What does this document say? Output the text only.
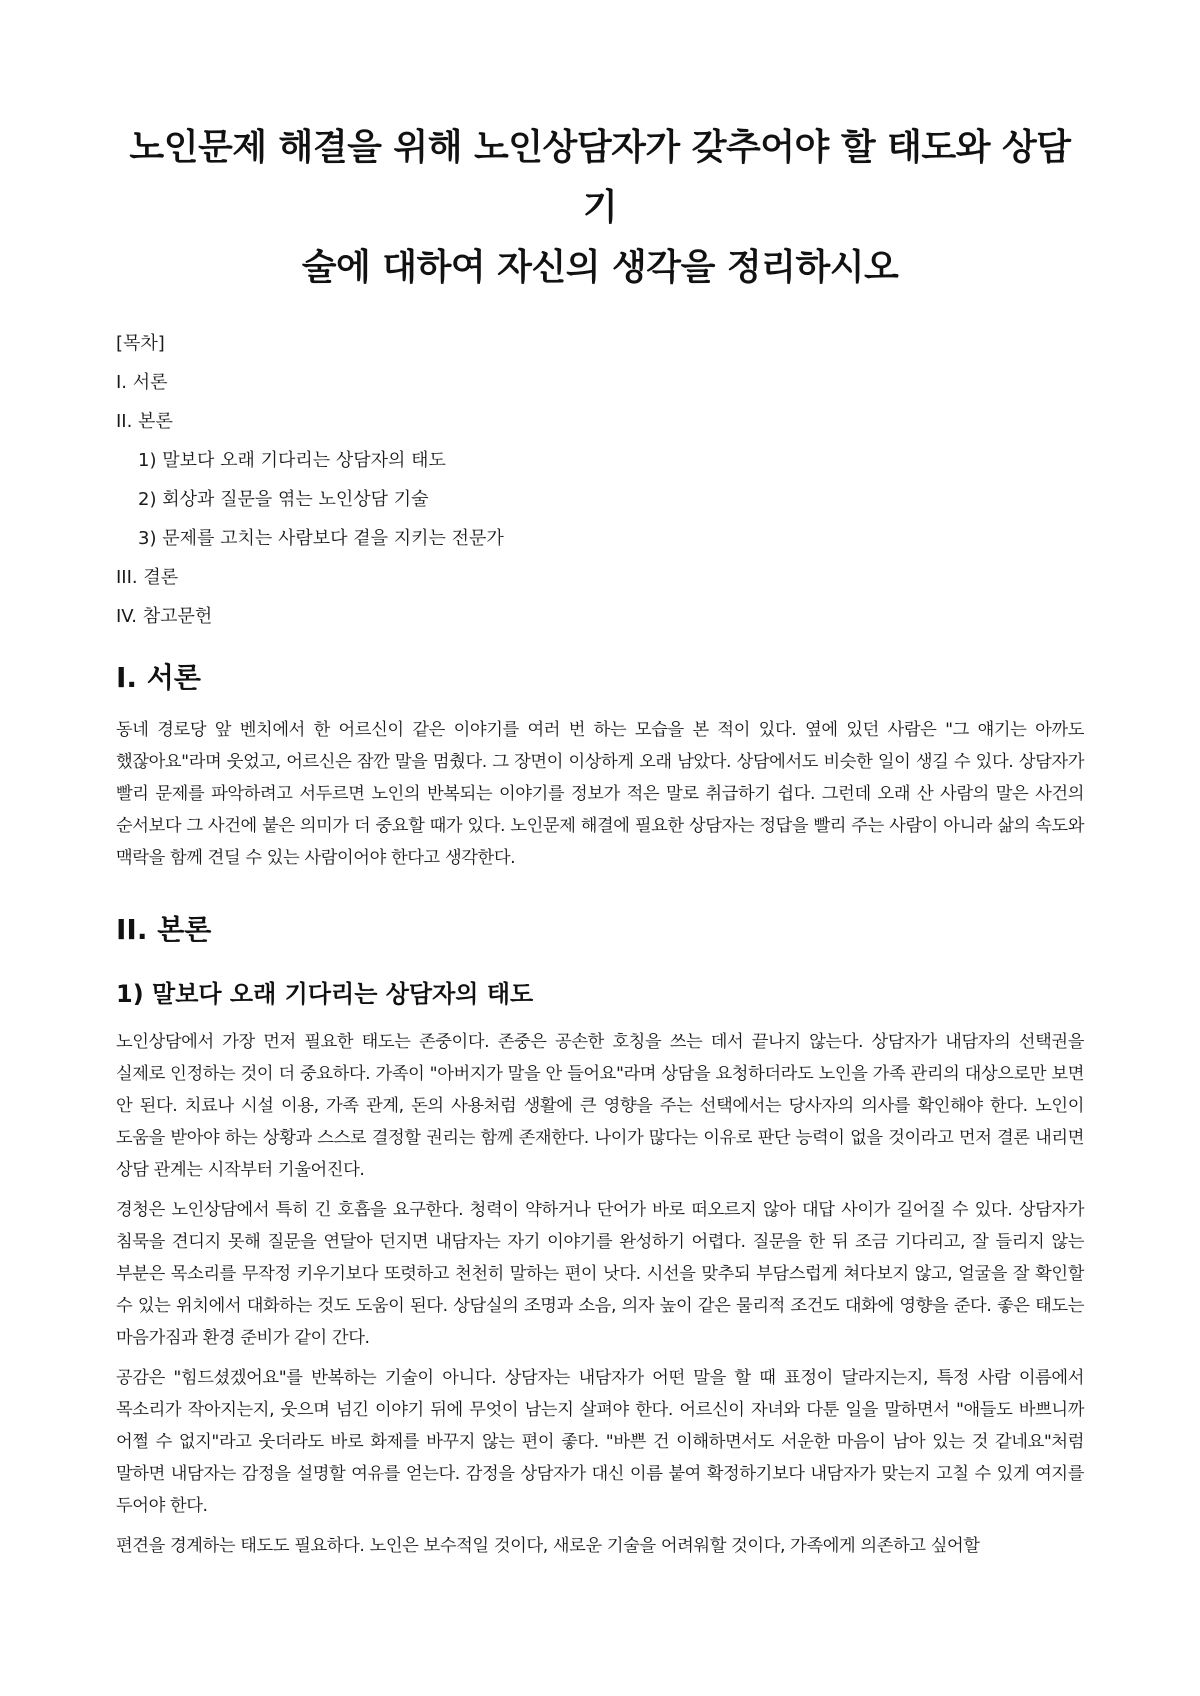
노인문제 해결을 위해 노인상담자가 갖추어야 할 태도와 상담기
술에 대하여 자신의 생각을 정리하시오
[목차]
I. 서론
II. 본론
1) 말보다 오래 기다리는 상담자의 태도
2) 회상과 질문을 엮는 노인상담 기술
3) 문제를 고치는 사람보다 곁을 지키는 전문가
III. 결론
IV. 참고문헌
I. 서론

동네 경로당 앞 벤치에서 한 어르신이 같은 이야기를 여러 번 하는 모습을 본 적이 있다. 옆에 있던 사람은 "그 얘기는 아까도 했잖아요"라며 웃었고, 어르신은 잠깐 말을 멈췄다. 그 장면이 이상하게 오래 남았다. 상담에서도 비슷한 일이 생길 수 있다. 상담자가 빨리 문제를 파악하려고 서두르면 노인의 반복되는 이야기를 정보가 적은 말로 취급하기 쉽다. 그런데 오래 산 사람의 말은 사건의 순서보다 그 사건에 붙은 의미가 더 중요할 때가 있다. 노인문제 해결에 필요한 상담자는 정답을 빨리 주는 사람이 아니라 삶의 속도와 맥락을 함께 견딜 수 있는 사람이어야 한다고 생각한다.

II. 본론
1) 말보다 오래 기다리는 상담자의 태도

노인상담에서 가장 먼저 필요한 태도는 존중이다. 존중은 공손한 호칭을 쓰는 데서 끝나지 않는다. 상담자가 내담자의 선택권을 실제로 인정하는 것이 더 중요하다. 가족이 "아버지가 말을 안 들어요"라며 상담을 요청하더라도 노인을 가족 관리의 대상으로만 보면 안 된다. 치료나 시설 이용, 가족 관계, 돈의 사용처럼 생활에 큰 영향을 주는 선택에서는 당사자의 의사를 확인해야 한다. 노인이 도움을 받아야 하는 상황과 스스로 결정할 권리는 함께 존재한다. 나이가 많다는 이유로 판단 능력이 없을 것이라고 먼저 결론 내리면 상담 관계는 시작부터 기울어진다.

경청은 노인상담에서 특히 긴 호흡을 요구한다. 청력이 약하거나 단어가 바로 떠오르지 않아 대답 사이가 길어질 수 있다. 상담자가 침묵을 견디지 못해 질문을 연달아 던지면 내담자는 자기 이야기를 완성하기 어렵다. 질문을 한 뒤 조금 기다리고, 잘 들리지 않는 부분은 목소리를 무작정 키우기보다 또렷하고 천천히 말하는 편이 낫다. 시선을 맞추되 부담스럽게 쳐다보지 않고, 얼굴을 잘 확인할 수 있는 위치에서 대화하는 것도 도움이 된다. 상담실의 조명과 소음, 의자 높이 같은 물리적 조건도 대화에 영향을 준다. 좋은 태도는 마음가짐과 환경 준비가 같이 간다.

공감은 "힘드셨겠어요"를 반복하는 기술이 아니다. 상담자는 내담자가 어떤 말을 할 때 표정이 달라지는지, 특정 사람 이름에서 목소리가 작아지는지, 웃으며 넘긴 이야기 뒤에 무엇이 남는지 살펴야 한다. 어르신이 자녀와 다툰 일을 말하면서 "애들도 바쁘니까 어쩔 수 없지"라고 웃더라도 바로 화제를 바꾸지 않는 편이 좋다. "바쁜 건 이해하면서도 서운한 마음이 남아 있는 것 같네요"처럼 말하면 내담자는 감정을 설명할 여유를 얻는다. 감정을 상담자가 대신 이름 붙여 확정하기보다 내담자가 맞는지 고칠 수 있게 여지를 두어야 한다.

편견을 경계하는 태도도 필요하다. 노인은 보수적일 것이다, 새로운 기술을 어려워할 것이다, 가족에게 의존하고 싶어할
